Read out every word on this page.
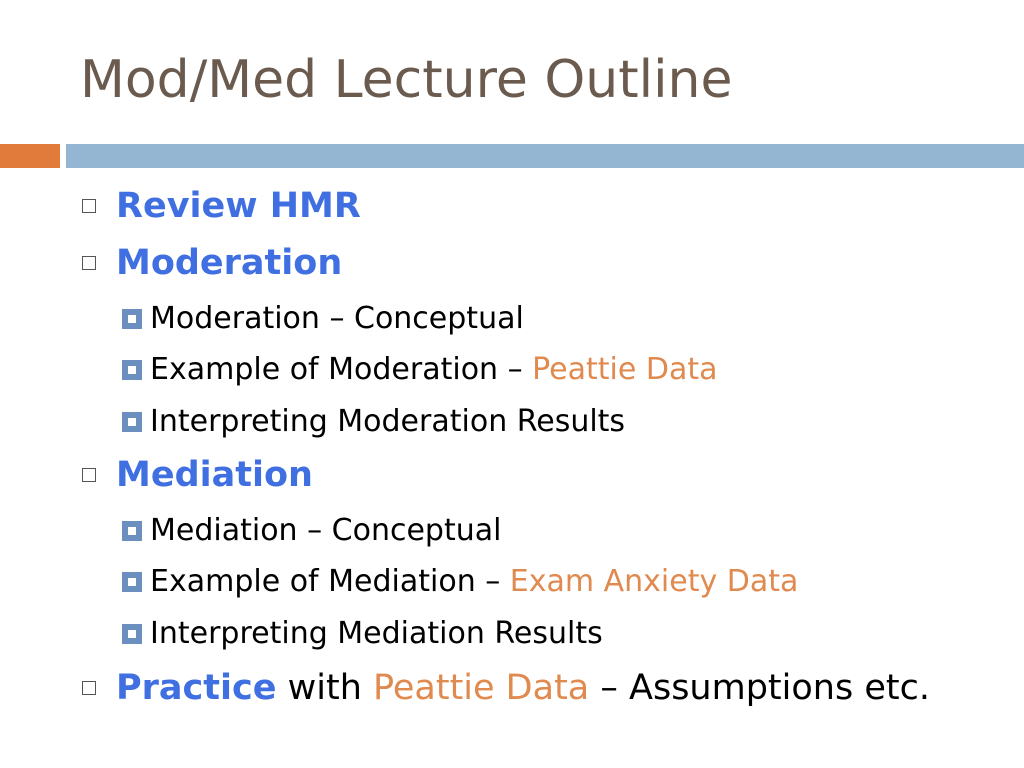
Mod/Med Lecture Outline
Review HMR
Moderation
Moderation – Conceptual
Example of Moderation – Peattie Data
Interpreting Moderation Results
Mediation
Mediation – Conceptual
Example of Mediation – Exam Anxiety Data
Interpreting Mediation Results
Practice with Peattie Data – Assumptions etc.
